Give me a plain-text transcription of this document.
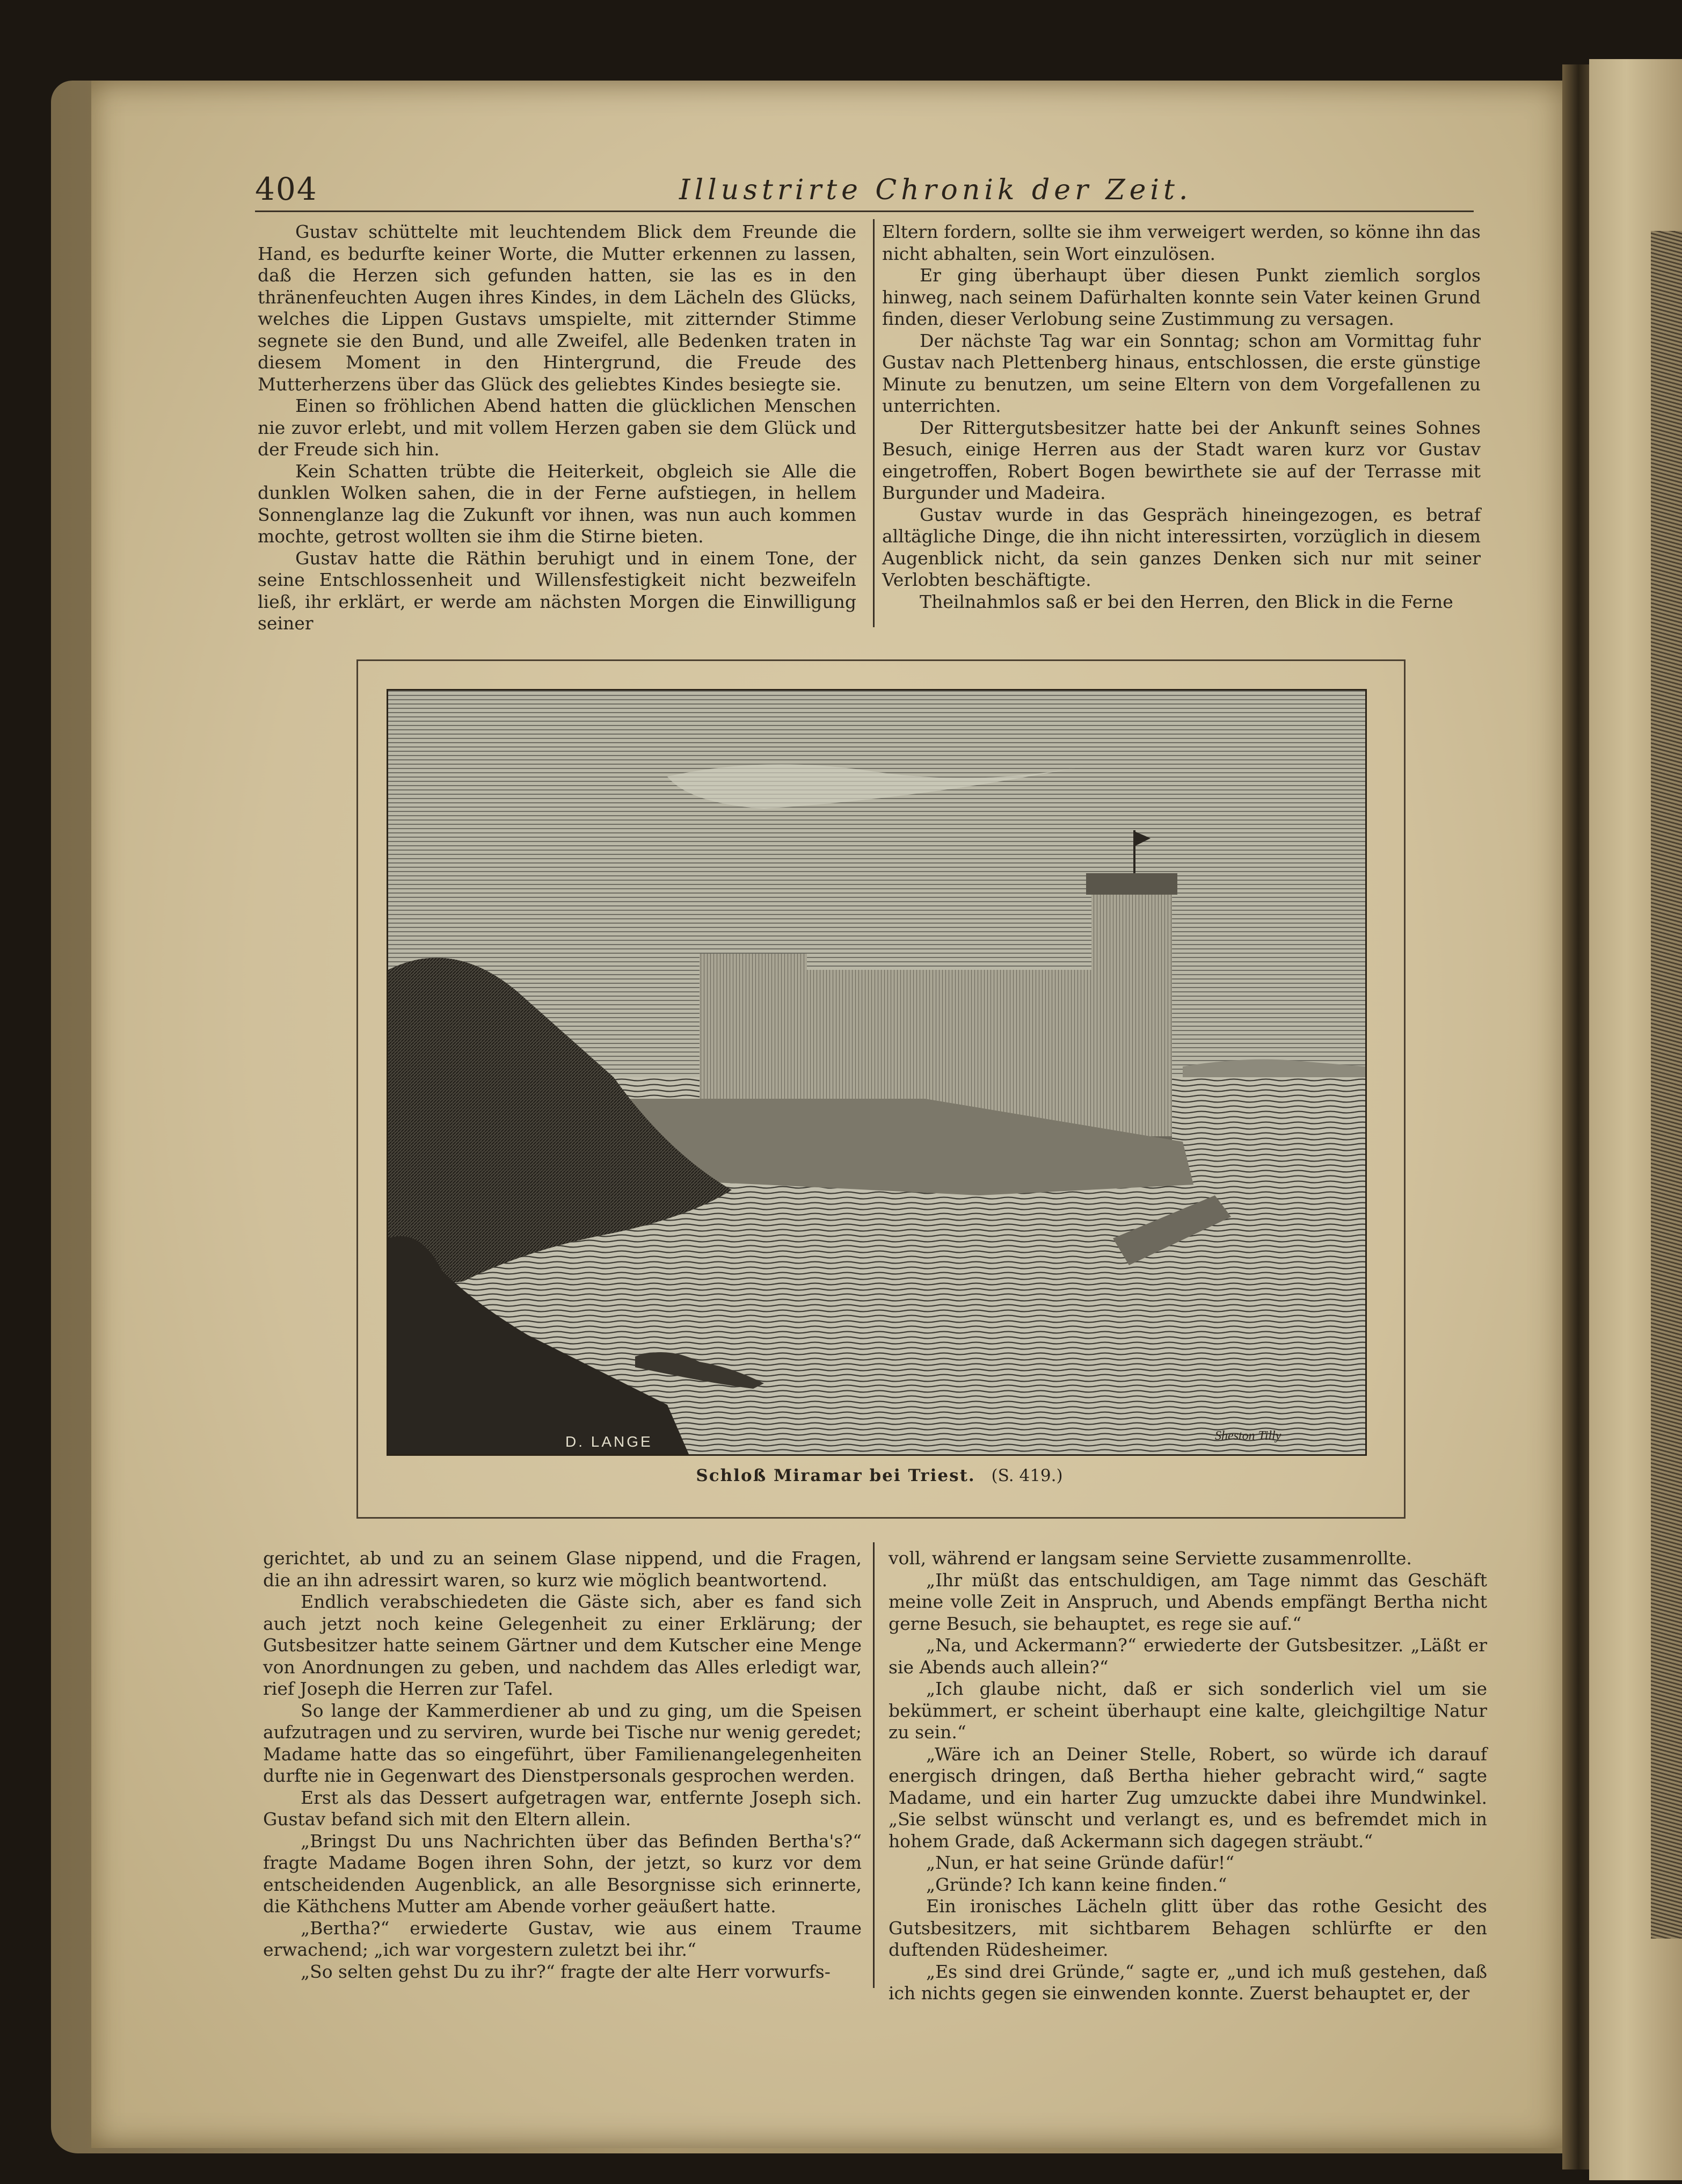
404	Illustrirte Chronik der Zeit.

Gustav schüttelte mit leuchtendem Blick dem Freunde die Hand, es bedurfte keiner Worte, die Mutter erkennen zu lassen, daß die Herzen sich gefunden hatten, sie las es in den thränenfeuchten Augen ihres Kindes, in dem Lächeln des Glücks, welches die Lippen Gustavs umspielte, mit zitternder Stimme segnete sie den Bund, und alle Zweifel, alle Bedenken traten in diesem Moment in den Hintergrund, die Freude des Mutterherzens über das Glück des geliebtes Kindes besiegte sie.

Einen so fröhlichen Abend hatten die glücklichen Menschen nie zuvor erlebt, und mit vollem Herzen gaben sie dem Glück und der Freude sich hin.

Kein Schatten trübte die Heiterkeit, obgleich sie Alle die dunklen Wolken sahen, die in der Ferne aufstiegen, in hellem Sonnenglanze lag die Zukunft vor ihnen, was nun auch kommen mochte, getrost wollten sie ihm die Stirne bieten.

Gustav hatte die Räthin beruhigt und in einem Tone, der seine Entschlossenheit und Willensfestigkeit nicht bezweifeln ließ, ihr erklärt, er werde am nächsten Morgen die Einwilligung seiner

Eltern fordern, sollte sie ihm verweigert werden, so könne ihn das nicht abhalten, sein Wort einzulösen.

Er ging überhaupt über diesen Punkt ziemlich sorglos hinweg, nach seinem Dafürhalten konnte sein Vater keinen Grund finden, dieser Verlobung seine Zustimmung zu versagen.

Der nächste Tag war ein Sonntag; schon am Vormittag fuhr Gustav nach Plettenberg hinaus, entschlossen, die erste günstige Minute zu benutzen, um seine Eltern von dem Vorgefallenen zu unterrichten.

Der Rittergutsbesitzer hatte bei der Ankunft seines Sohnes Besuch, einige Herren aus der Stadt waren kurz vor Gustav eingetroffen, Robert Bogen bewirthete sie auf der Terrasse mit Burgunder und Madeira.

Gustav wurde in das Gespräch hineingezogen, es betraf alltägliche Dinge, die ihn nicht interessirten, vorzüglich in diesem Augenblick nicht, da sein ganzes Denken sich nur mit seiner Verlobten beschäftigte.

Theilnahmlos saß er bei den Herren, den Blick in die Ferne

D. LANGE	Sheston Tilly
Schloß Miramar bei Triest. (S. 419.)

gerichtet, ab und zu an seinem Glase nippend, und die Fragen, die an ihn adressirt waren, so kurz wie möglich beantwortend.

Endlich verabschiedeten die Gäste sich, aber es fand sich auch jetzt noch keine Gelegenheit zu einer Erklärung; der Gutsbesitzer hatte seinem Gärtner und dem Kutscher eine Menge von Anordnungen zu geben, und nachdem das Alles erledigt war, rief Joseph die Herren zur Tafel.

So lange der Kammerdiener ab und zu ging, um die Speisen aufzutragen und zu serviren, wurde bei Tische nur wenig geredet; Madame hatte das so eingeführt, über Familienangelegenheiten durfte nie in Gegenwart des Dienstpersonals gesprochen werden.

Erst als das Dessert aufgetragen war, entfernte Joseph sich. Gustav befand sich mit den Eltern allein.

„Bringst Du uns Nachrichten über das Befinden Bertha's?“ fragte Madame Bogen ihren Sohn, der jetzt, so kurz vor dem entscheidenden Augenblick, an alle Besorgnisse sich erinnerte, die Käthchens Mutter am Abende vorher geäußert hatte.

„Bertha?“ erwiederte Gustav, wie aus einem Traume erwachend; „ich war vorgestern zuletzt bei ihr.“

„So selten gehst Du zu ihr?“ fragte der alte Herr vorwurfs-

voll, während er langsam seine Serviette zusammenrollte.

„Ihr müßt das entschuldigen, am Tage nimmt das Geschäft meine volle Zeit in Anspruch, und Abends empfängt Bertha nicht gerne Besuch, sie behauptet, es rege sie auf.“

„Na, und Ackermann?“ erwiederte der Gutsbesitzer. „Läßt er sie Abends auch allein?“

„Ich glaube nicht, daß er sich sonderlich viel um sie bekümmert, er scheint überhaupt eine kalte, gleichgiltige Natur zu sein.“

„Wäre ich an Deiner Stelle, Robert, so würde ich darauf energisch dringen, daß Bertha hieher gebracht wird,“ sagte Madame, und ein harter Zug umzuckte dabei ihre Mundwinkel. „Sie selbst wünscht und verlangt es, und es befremdet mich in hohem Grade, daß Ackermann sich dagegen sträubt.“

„Nun, er hat seine Gründe dafür!“

„Gründe? Ich kann keine finden.“

Ein ironisches Lächeln glitt über das rothe Gesicht des Gutsbesitzers, mit sichtbarem Behagen schlürfte er den duftenden Rüdesheimer.

„Es sind drei Gründe,“ sagte er, „und ich muß gestehen, daß ich nichts gegen sie einwenden konnte. Zuerst behauptet er, der
